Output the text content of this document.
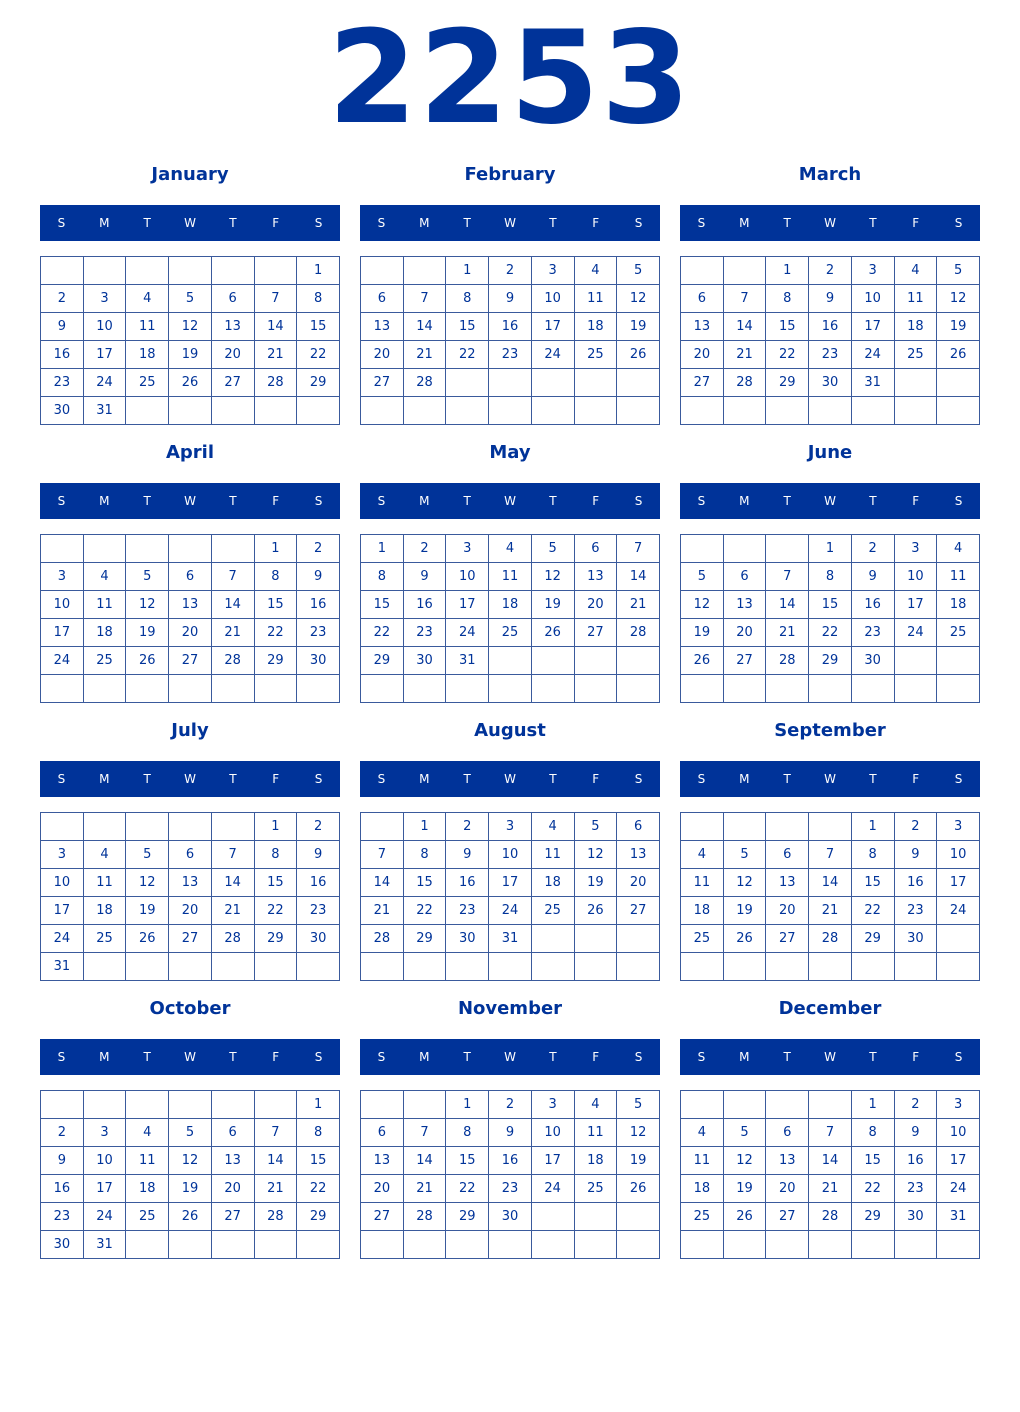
2253
January
S	M	T	W	T	F	S
						1
2	3	4	5	6	7	8
9	10	11	12	13	14	15
16	17	18	19	20	21	22
23	24	25	26	27	28	29
30	31					
February
S	M	T	W	T	F	S
		1	2	3	4	5
6	7	8	9	10	11	12
13	14	15	16	17	18	19
20	21	22	23	24	25	26
27	28					

March
S	M	T	W	T	F	S
		1	2	3	4	5
6	7	8	9	10	11	12
13	14	15	16	17	18	19
20	21	22	23	24	25	26
27	28	29	30	31		

April
S	M	T	W	T	F	S
					1	2
3	4	5	6	7	8	9
10	11	12	13	14	15	16
17	18	19	20	21	22	23
24	25	26	27	28	29	30

May
S	M	T	W	T	F	S
1	2	3	4	5	6	7
8	9	10	11	12	13	14
15	16	17	18	19	20	21
22	23	24	25	26	27	28
29	30	31				

June
S	M	T	W	T	F	S
			1	2	3	4
5	6	7	8	9	10	11
12	13	14	15	16	17	18
19	20	21	22	23	24	25
26	27	28	29	30		

July
S	M	T	W	T	F	S
					1	2
3	4	5	6	7	8	9
10	11	12	13	14	15	16
17	18	19	20	21	22	23
24	25	26	27	28	29	30
31						
August
S	M	T	W	T	F	S
	1	2	3	4	5	6
7	8	9	10	11	12	13
14	15	16	17	18	19	20
21	22	23	24	25	26	27
28	29	30	31			

September
S	M	T	W	T	F	S
				1	2	3
4	5	6	7	8	9	10
11	12	13	14	15	16	17
18	19	20	21	22	23	24
25	26	27	28	29	30	

October
S	M	T	W	T	F	S
						1
2	3	4	5	6	7	8
9	10	11	12	13	14	15
16	17	18	19	20	21	22
23	24	25	26	27	28	29
30	31					
November
S	M	T	W	T	F	S
		1	2	3	4	5
6	7	8	9	10	11	12
13	14	15	16	17	18	19
20	21	22	23	24	25	26
27	28	29	30			

December
S	M	T	W	T	F	S
				1	2	3
4	5	6	7	8	9	10
11	12	13	14	15	16	17
18	19	20	21	22	23	24
25	26	27	28	29	30	31
